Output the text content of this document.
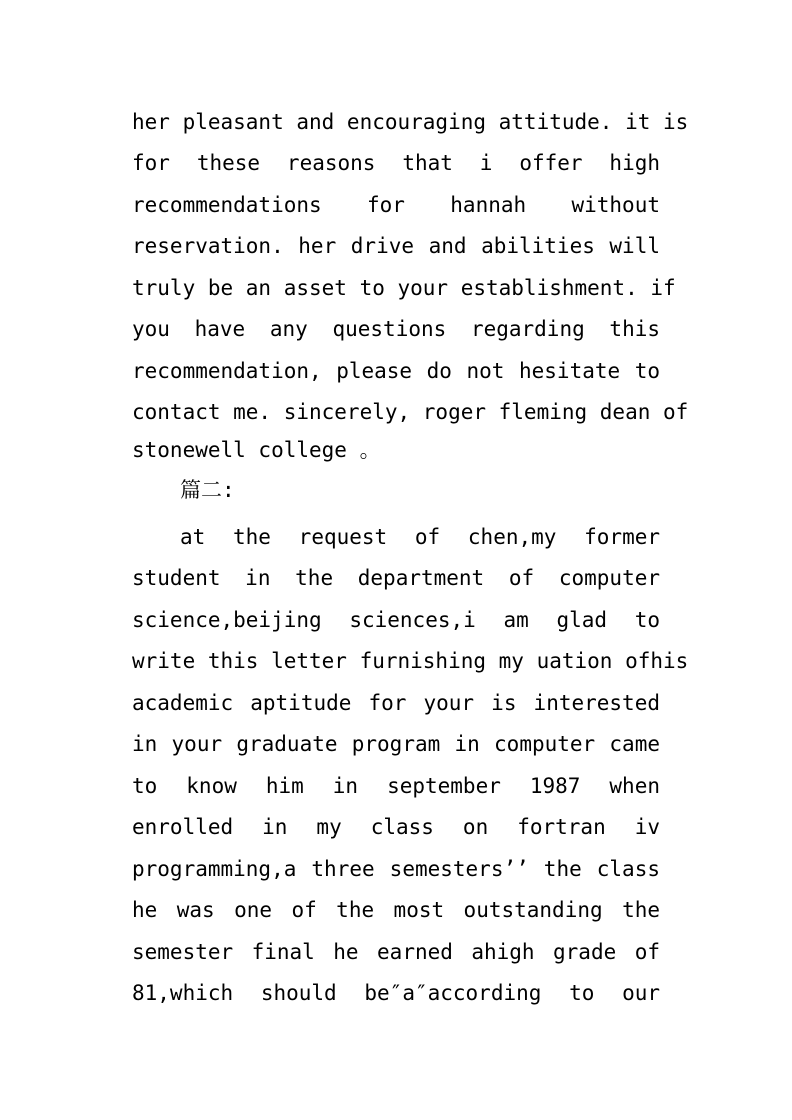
her pleasant and encouraging attitude. it is
for these reasons that i offer high
recommendations for hannah without
reservation. her drive and abilities will
truly be an asset to your establishment. if
you have any questions regarding this
recommendation, please do not hesitate to
contact me. sincerely, roger fleming dean of
stonewell college 。
篇二:
at the request of chen,my former
student in the department of computer
science,beijing sciences,i am glad to
write this letter furnishing my uation ofhis
academic aptitude for your is interested
in your graduate program in computer came
to know him in september 1987 when
enrolled in my class on fortran iv
programming,a three semesters’’ the class
he was one of the most outstanding the
semester final he earned ahigh grade of
81,which should be″a″according to our
